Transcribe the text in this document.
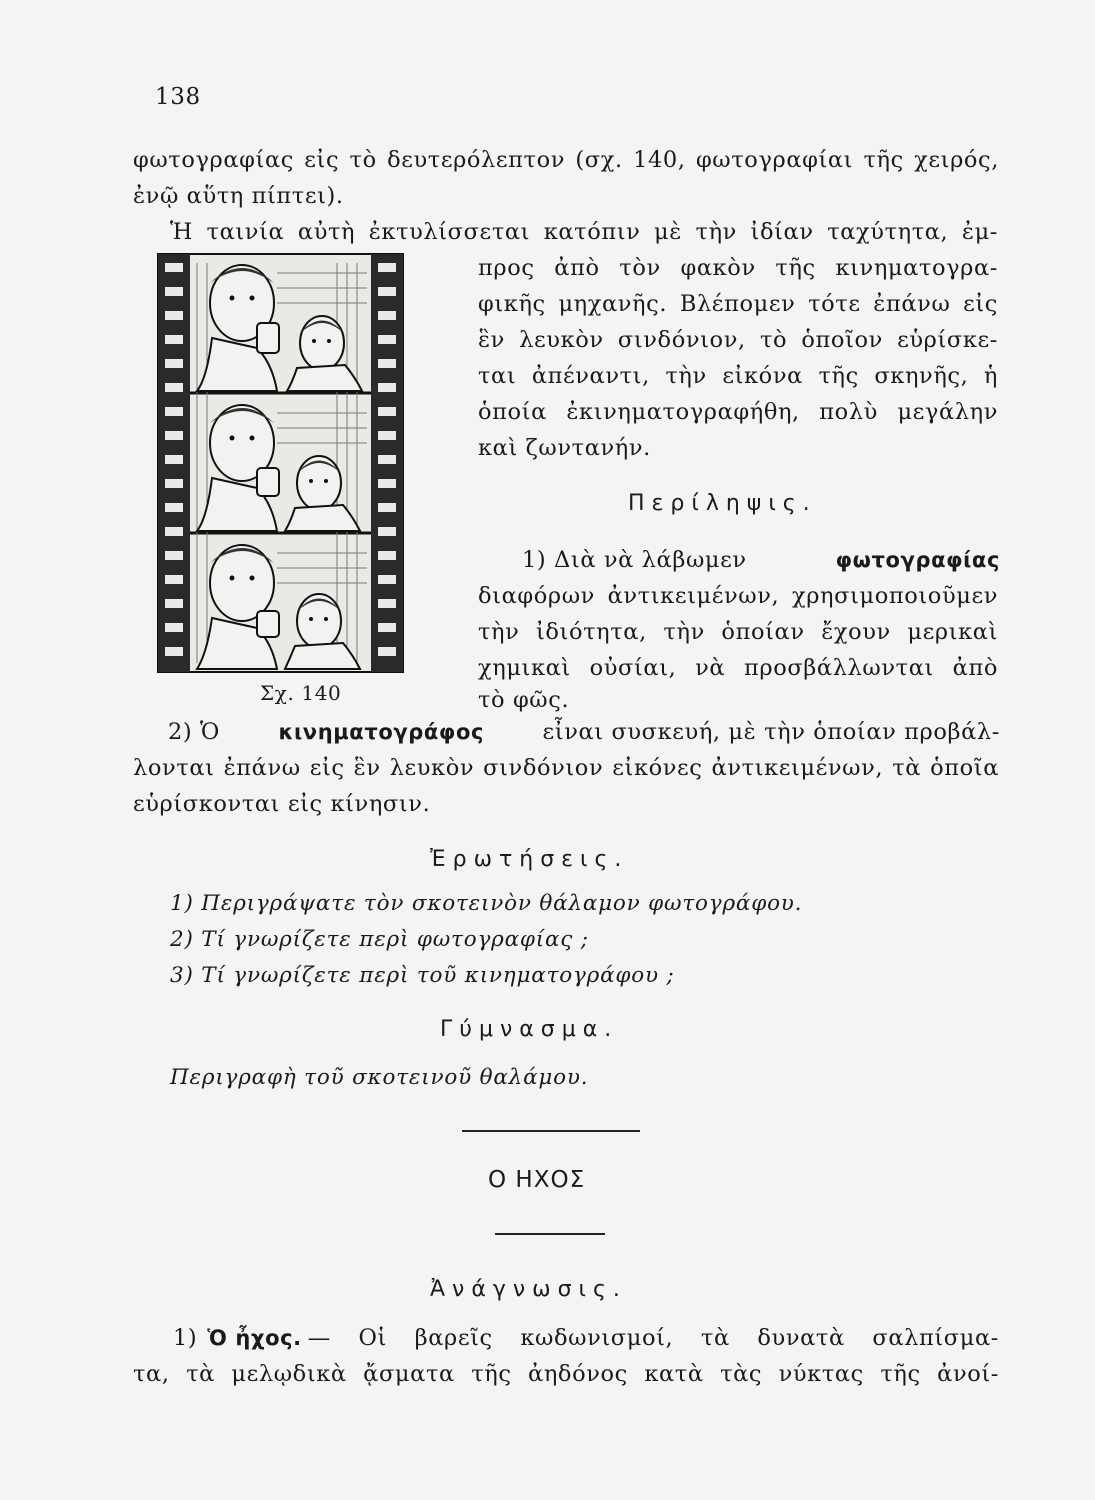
138
φωτογραφίας εἰς τὸ δευτερόλεπτον (σχ. 140, φωτογραφίαι τῆς χειρός,
ἐνῷ αὕτη πίπτει).
Ἡ ταινία αὐτὴ ἐκτυλίσσεται κατόπιν μὲ τὴν ἰδίαν ταχύτητα, ἐμ-
Σχ. 140
προς ἀπὸ τὸν φακὸν τῆς κινηματογρα-
φικῆς μηχανῆς. Βλέπομεν τότε ἐπάνω εἰς
ἓν λευκὸν σινδόνιον, τὸ ὁποῖον εὑρίσκε-
ται ἀπέναντι, τὴν εἰκόνα τῆς σκηνῆς, ἡ
ὁποία ἐκινηματογραφήθη, πολὺ μεγάλην
καὶ ζωντανήν.
Περίληψις.
1) Διὰ νὰ λάβωμεν	φωτογραφίας
διαφόρων ἀντικειμένων, χρησιμοποιοῦμεν
τὴν ἰδιότητα, τὴν ὁποίαν ἔχουν μερικαὶ
χημικαὶ οὐσίαι, νὰ προσβάλλωνται ἀπὸ
τὸ φῶς.
2) Ὁ	κινηματογράφος	εἶναι συσκευή, μὲ τὴν ὁποίαν προβάλ-
λονται ἐπάνω εἰς ἓν λευκὸν σινδόνιον εἰκόνες ἀντικειμένων, τὰ ὁποῖα
εὑρίσκονται εἰς κίνησιν.
Ἐρωτήσεις.
1) Περιγράψατε τὸν σκοτεινὸν θάλαμον φωτογράφου.
2) Τί γνωρίζετε περὶ φωτογραφίας ;
3) Τί γνωρίζετε περὶ τοῦ κινηματογράφου ;
Γύμνασμα.
Περιγραφὴ τοῦ σκοτεινοῦ θαλάμου.
Ο ΗΧΟΣ
Ἀνάγνωσις.
1) Ὁ ἦχος. — Οἱ βαρεῖς κωδωνισμοί, τὰ δυνατὰ σαλπίσμα-
τα, τὰ μελῳδικὰ ᾄσματα τῆς ἀηδόνος κατὰ τὰς νύκτας τῆς ἀνοί-
